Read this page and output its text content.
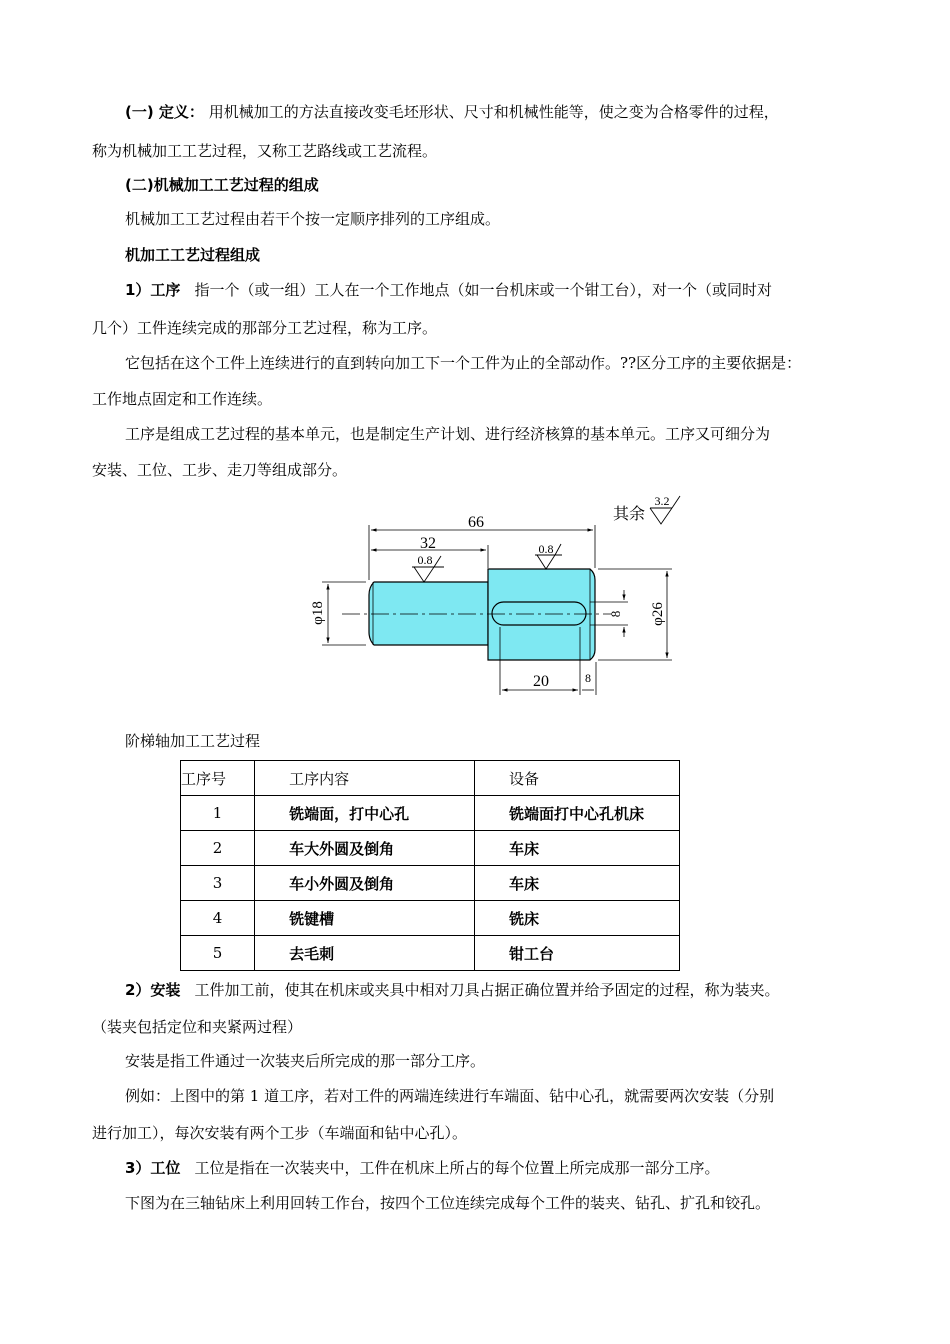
(一) 定义： 用机械加工的方法直接改变毛坯形状、尺寸和机械性能等，使之变为合格零件的过程，
称为机械加工工艺过程，又称工艺路线或工艺流程。
(二)机械加工工艺过程的组成
机械加工工艺过程由若干个按一定顺序排列的工序组成。
机加工工艺过程组成
1）工序 指一个（或一组）工人在一个工作地点（如一台机床或一个钳工台），对一个（或同时对
几个）工件连续完成的那部分工艺过程，称为工序。
它包括在这个工件上连续进行的直到转向加工下一个工件为止的全部动作。??区分工序的主要依据是：
工作地点固定和工作连续。
工序是组成工艺过程的基本单元，也是制定生产计划、进行经济核算的基本单元。工序又可细分为
安装、工位、工步、走刀等组成部分。
66
32
0.8
0.8
其余
3.2
φ18	φ26
8
20	8
阶梯轴加工工艺过程
工序号	工序内容	设备
1	铣端面，打中心孔	铣端面打中心孔机床
2	车大外圆及倒角	车床
3	车小外圆及倒角	车床
4	铣键槽	铣床
5	去毛刺	钳工台
2）安装 工件加工前，使其在机床或夹具中相对刀具占据正确位置并给予固定的过程，称为装夹。
（装夹包括定位和夹紧两过程）
安装是指工件通过一次装夹后所完成的那一部分工序。
例如：上图中的第 1 道工序，若对工件的两端连续进行车端面、钻中心孔，就需要两次安装（分别
进行加工），每次安装有两个工步（车端面和钻中心孔）。
3）工位 工位是指在一次装夹中，工件在机床上所占的每个位置上所完成那一部分工序。
下图为在三轴钻床上利用回转工作台，按四个工位连续完成每个工件的装夹、钻孔、扩孔和铰孔。
